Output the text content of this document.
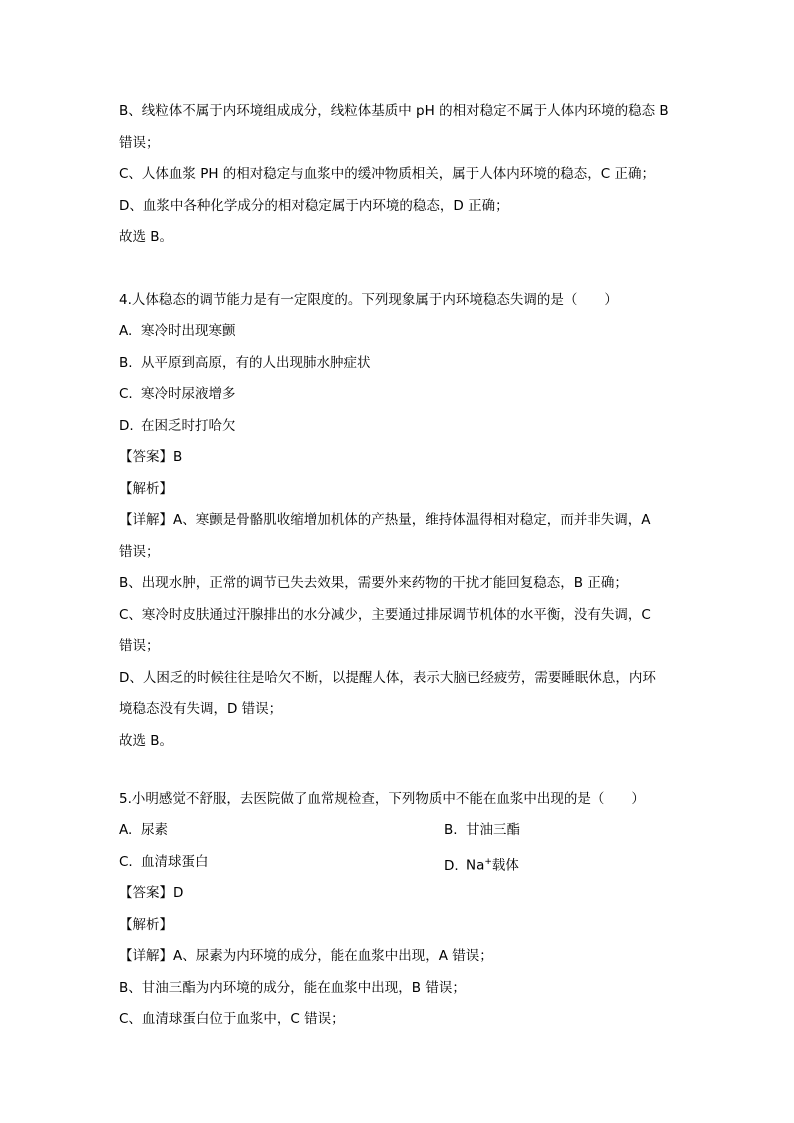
B、线粒体不属于内环境组成成分，线粒体基质中 pH 的相对稳定不属于人体内环境的稳态 B
错误；
C、人体血浆 PH 的相对稳定与血浆中的缓冲物质相关，属于人体内环境的稳态，C 正确；
D、血浆中各种化学成分的相对稳定属于内环境的稳态，D 正确；
故选 B。
4.人体稳态的调节能力是有一定限度的。下列现象属于内环境稳态失调的是（　　）
A. 寒冷时出现寒颤
B. 从平原到高原，有的人出现肺水肿症状
C. 寒冷时尿液增多
D. 在困乏时打哈欠
【答案】B
【解析】
【详解】A、寒颤是骨骼肌收缩增加机体的产热量，维持体温得相对稳定，而并非失调，A
错误；
B、出现水肿，正常的调节已失去效果，需要外来药物的干扰才能回复稳态，B 正确；
C、寒冷时皮肤通过汗腺排出的水分减少，主要通过排尿调节机体的水平衡，没有失调，C
错误；
D、人困乏的时候往往是哈欠不断，以提醒人体，表示大脑已经疲劳，需要睡眠休息，内环
境稳态没有失调，D 错误；
故选 B。
5.小明感觉不舒服，去医院做了血常规检查，下列物质中不能在血浆中出现的是（　　）
A. 尿素	B. 甘油三酯
C. 血清球蛋白	D. Na+载体
【答案】D
【解析】
【详解】A、尿素为内环境的成分，能在血浆中出现，A 错误；
B、甘油三酯为内环境的成分，能在血浆中出现，B 错误；
C、血清球蛋白位于血浆中，C 错误；
